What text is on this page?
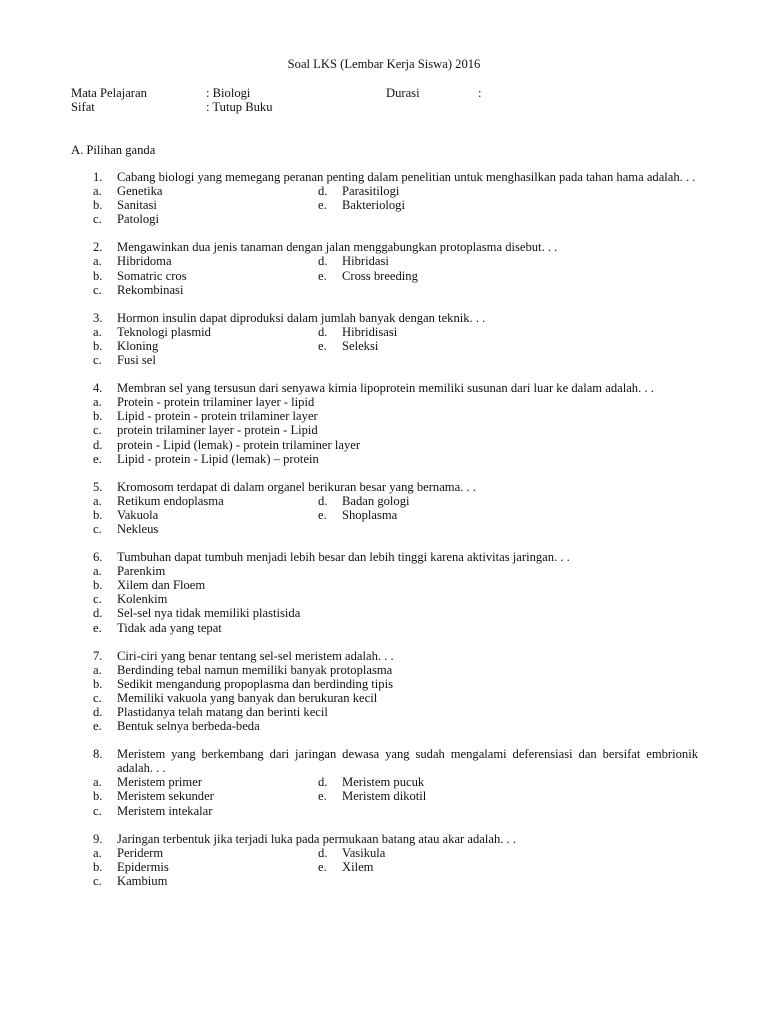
Soal LKS (Lembar Kerja Siswa) 2016
Mata Pelajaran	: Biologi	Durasi	:
Sifat	: Tutup Buku
A. Pilihan ganda
1.	Cabang biologi yang memegang peranan penting dalam penelitian untuk menghasilkan pada tahan hama adalah. . .
a.	Genetika	d.	Parasitilogi
b.	Sanitasi	e.	Bakteriologi
c.	Patologi
2.	Mengawinkan dua jenis tanaman dengan jalan menggabungkan protoplasma disebut. . .
a.	Hibridoma	d.	Hibridasi
b.	Somatric cros	e.	Cross breeding
c.	Rekombinasi
3.	Hormon insulin dapat diproduksi dalam jumlah banyak dengan teknik. . .
a.	Teknologi plasmid	d.	Hibridisasi
b.	Kloning	e.	Seleksi
c.	Fusi sel
4.	Membran sel yang tersusun dari senyawa kimia lipoprotein memiliki susunan dari luar ke dalam adalah. . .
a.	Protein - protein trilaminer layer - lipid
b.	Lipid - protein - protein trilaminer layer
c.	protein trilaminer layer - protein - Lipid
d.	protein - Lipid (lemak) - protein trilaminer layer
e.	Lipid - protein - Lipid (lemak) – protein
5.	Kromosom terdapat di dalam organel berikuran besar yang bernama. . .
a.	Retikum endoplasma	d.	Badan gologi
b.	Vakuola	e.	Shoplasma
c.	Nekleus
6.	Tumbuhan dapat tumbuh menjadi lebih besar dan lebih tinggi karena aktivitas jaringan. . .
a.	Parenkim
b.	Xilem dan Floem
c.	Kolenkim
d.	Sel-sel nya tidak memiliki plastisida
e.	Tidak ada yang tepat
7.	Ciri-ciri yang benar tentang sel-sel meristem adalah. . .
a.	Berdinding tebal namun memiliki banyak protoplasma
b.	Sedikit mengandung propoplasma dan berdinding tipis
c.	Memiliki vakuola yang banyak dan berukuran kecil
d.	Plastidanya telah matang dan berinti kecil
e.	Bentuk selnya berbeda-beda
8.	Meristem yang berkembang dari jaringan dewasa yang sudah mengalami deferensiasi dan bersifat embrionik adalah. . .
a.	Meristem primer	d.	Meristem pucuk
b.	Meristem sekunder	e.	Meristem dikotil
c.	Meristem intekalar
9.	Jaringan terbentuk jika terjadi luka pada permukaan batang atau akar adalah. . .
a.	Periderm	d.	Vasikula
b.	Epidermis	e.	Xilem
c.	Kambium
